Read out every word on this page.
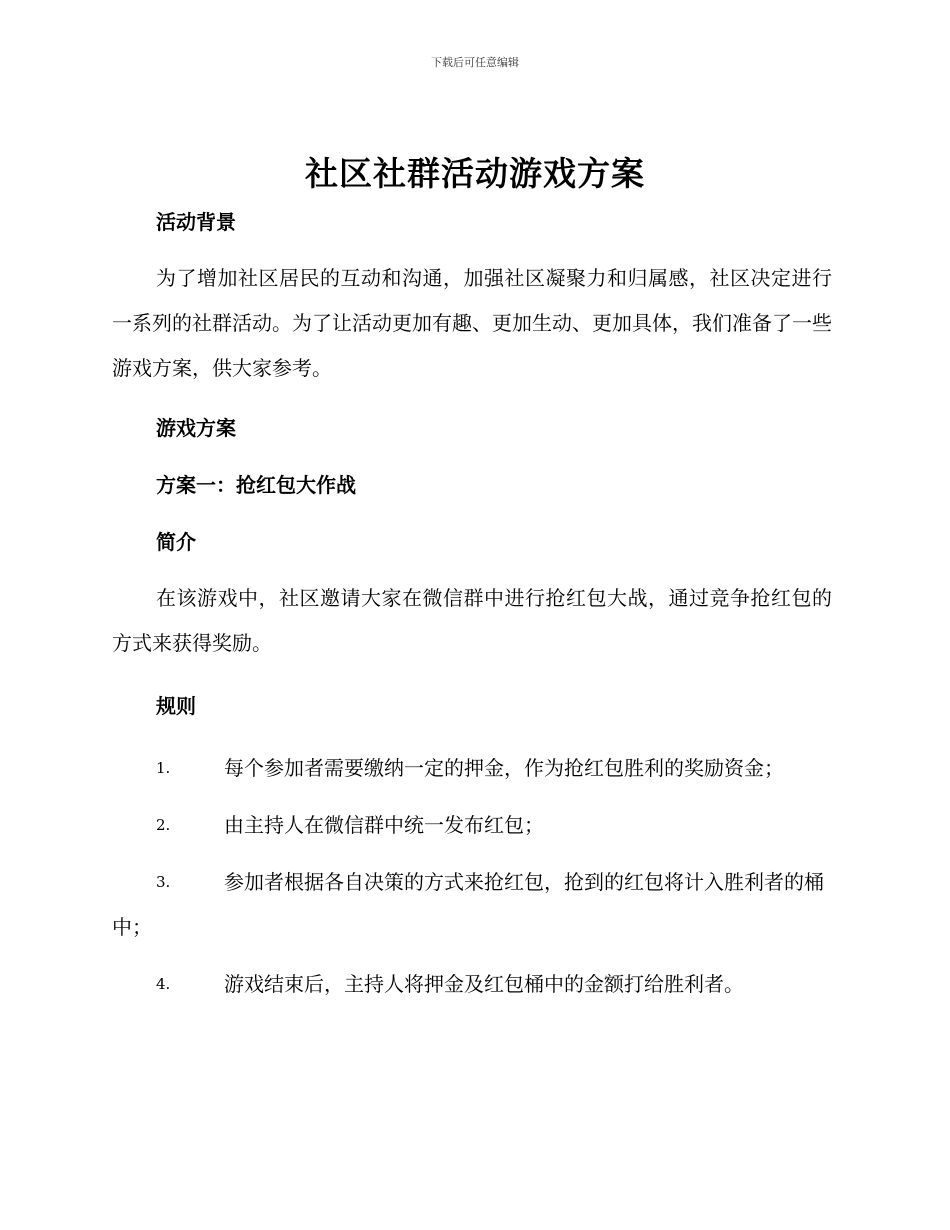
下载后可任意编辑
社区社群活动游戏方案

活动背景

为了增加社区居民的互动和沟通，加强社区凝聚力和归属感，社区决定进行一系列的社群活动。为了让活动更加有趣、更加生动、更加具体，我们准备了一些游戏方案，供大家参考。

游戏方案

方案一：抢红包大作战

简介

在该游戏中，社区邀请大家在微信群中进行抢红包大战，通过竞争抢红包的方式来获得奖励。

规则

1.	每个参加者需要缴纳一定的押金，作为抢红包胜利的奖励资金；
2.	由主持人在微信群中统一发布红包；
3.	参加者根据各自决策的方式来抢红包，抢到的红包将计入胜利者的桶中；
4.	游戏结束后，主持人将押金及红包桶中的金额打给胜利者。
